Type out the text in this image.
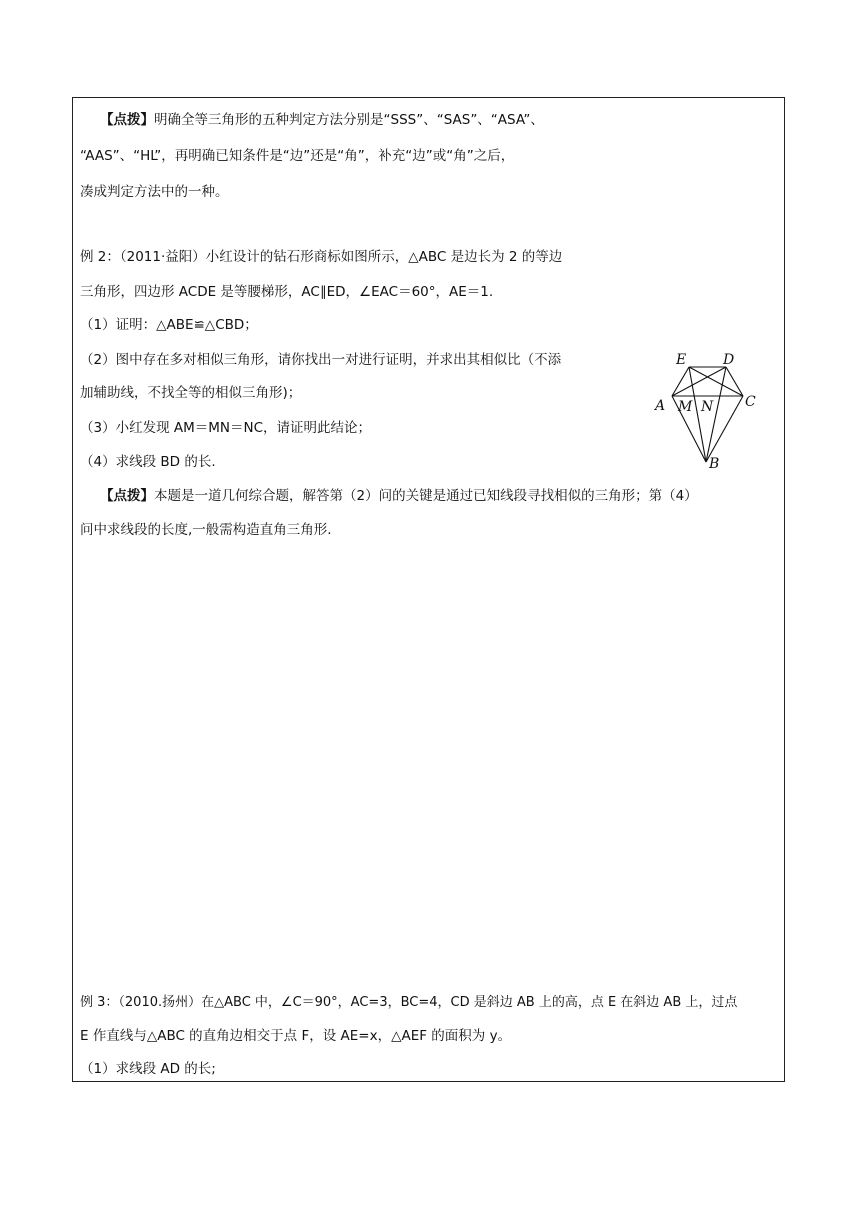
【点拨】明确全等三角形的五种判定方法分别是“SSS”、“SAS”、“ASA”、
“AAS”、“HL”，再明确已知条件是“边”还是“角”，补充“边”或“角”之后，
凑成判定方法中的一种。
例 2：（2011·益阳）小红设计的钻石形商标如图所示，△ABC 是边长为 2 的等边
三角形，四边形 ACDE 是等腰梯形，AC∥ED，∠EAC＝60°，AE＝1.
（1）证明：△ABE≌△CBD；
（2）图中存在多对相似三角形，请你找出一对进行证明，并求出其相似比（不添
加辅助线，不找全等的相似三角形)；
（3）小红发现 AM＝MN＝NC，请证明此结论；
（4）求线段 BD 的长.
E	D
A M N C
B
【点拨】本题是一道几何综合题，解答第（2）问的关键是通过已知线段寻找相似的三角形；第（4）
问中求线段的长度,一般需构造直角三角形.
例 3：（2010.扬州）在△ABC 中，∠C＝90°，AC=3，BC=4，CD 是斜边 AB 上的高，点 E 在斜边 AB 上，过点
E 作直线与△ABC 的直角边相交于点 F，设 AE=x，△AEF 的面积为 y。
（1）求线段 AD 的长;
